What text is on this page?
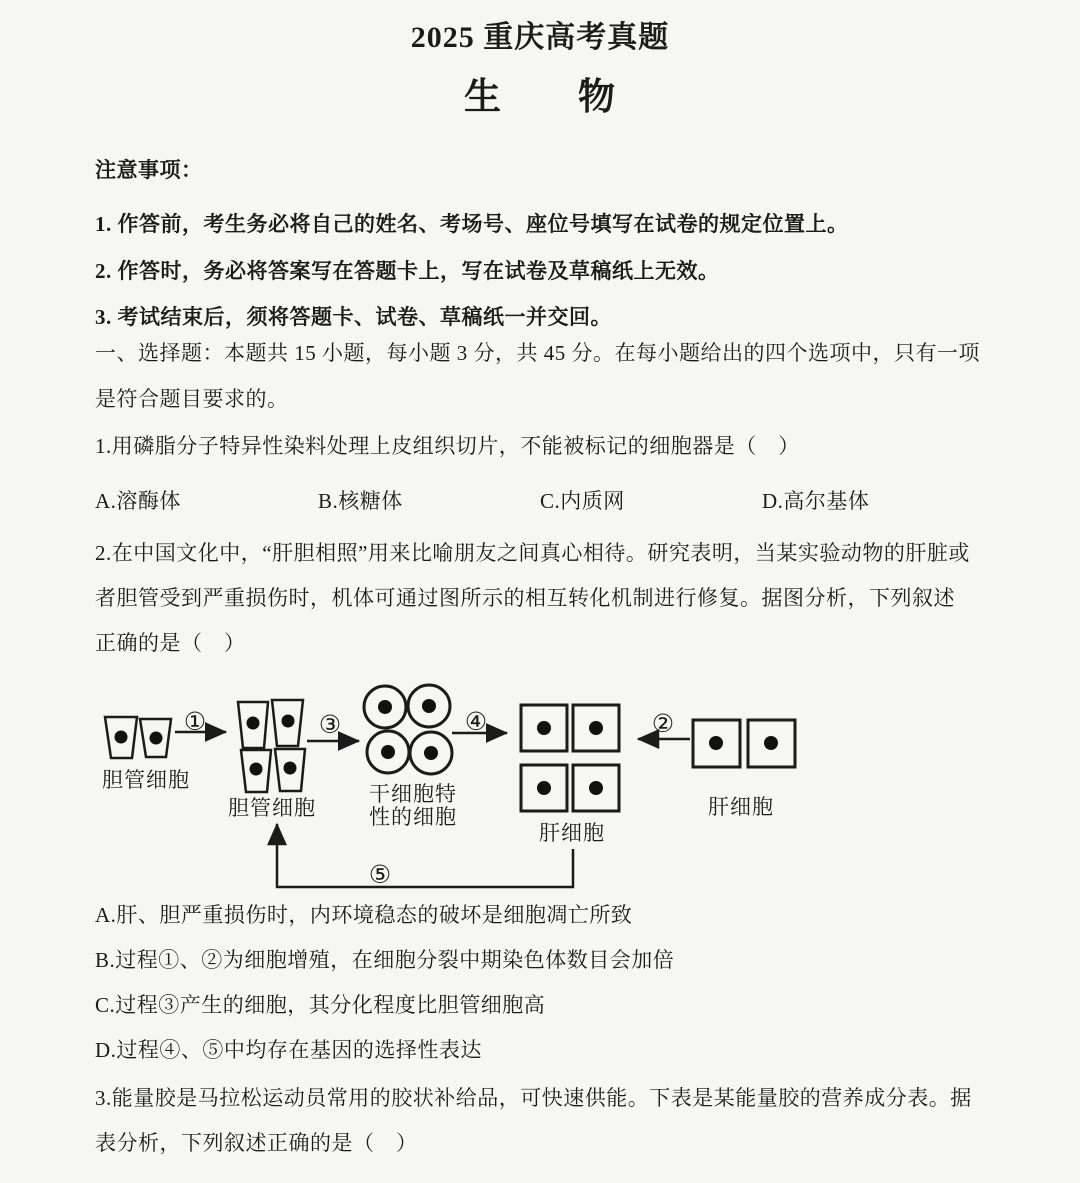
2025 重庆高考真题
生　　物
注意事项：
1. 作答前，考生务必将自己的姓名、考场号、座位号填写在试卷的规定位置上。
2. 作答时，务必将答案写在答题卡上，写在试卷及草稿纸上无效。
3. 考试结束后，须将答题卡、试卷、草稿纸一并交回。
一、选择题：本题共 15 小题，每小题 3 分，共 45 分。在每小题给出的四个选项中，只有一项
是符合题目要求的。
1.用磷脂分子特异性染料处理上皮组织切片，不能被标记的细胞器是（　）
A.溶酶体	B.核糖体	C.内质网	D.高尔基体
2.在中国文化中，“肝胆相照”用来比喻朋友之间真心相待。研究表明，当某实验动物的肝脏或
者胆管受到严重损伤时，机体可通过图所示的相互转化机制进行修复。据图分析，下列叙述
正确的是（　）
胆管细胞
①
胆管细胞
③
干细胞特
性的细胞
④
肝细胞
②
肝细胞
⑤
A.肝、胆严重损伤时，内环境稳态的破坏是细胞凋亡所致
B.过程①、②为细胞增殖，在细胞分裂中期染色体数目会加倍
C.过程③产生的细胞，其分化程度比胆管细胞高
D.过程④、⑤中均存在基因的选择性表达
3.能量胶是马拉松运动员常用的胶状补给品，可快速供能。下表是某能量胶的营养成分表。据
表分析，下列叙述正确的是（　）
